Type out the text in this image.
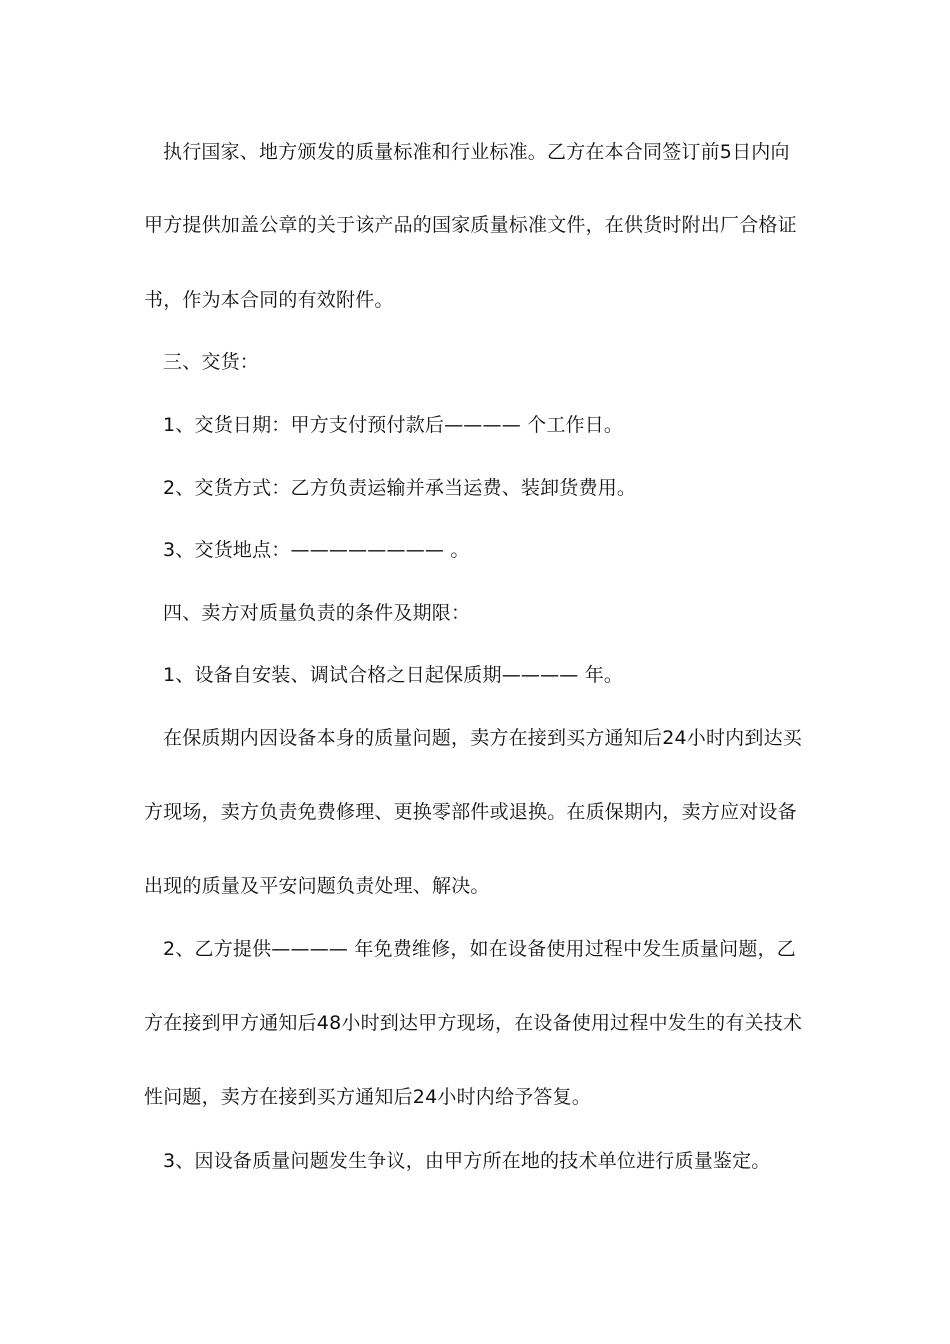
执行国家、地方颁发的质量标准和行业标准。乙方在本合同签订前5日内向
甲方提供加盖公章的关于该产品的国家质量标准文件，在供货时附出厂合格证
书，作为本合同的有效附件。
三、交货：
1、交货日期：甲方支付预付款后———— 个工作日。
2、交货方式：乙方负责运输并承当运费、装卸货费用。
3、交货地点：———————— 。
四、卖方对质量负责的条件及期限：
1、设备自安装、调试合格之日起保质期———— 年。
在保质期内因设备本身的质量问题，卖方在接到买方通知后24小时内到达买
方现场，卖方负责免费修理、更换零部件或退换。在质保期内，卖方应对设备
出现的质量及平安问题负责处理、解决。
2、乙方提供———— 年免费维修，如在设备使用过程中发生质量问题，乙
方在接到甲方通知后48小时到达甲方现场，在设备使用过程中发生的有关技术
性问题，卖方在接到买方通知后24小时内给予答复。
3、因设备质量问题发生争议，由甲方所在地的技术单位进行质量鉴定。
